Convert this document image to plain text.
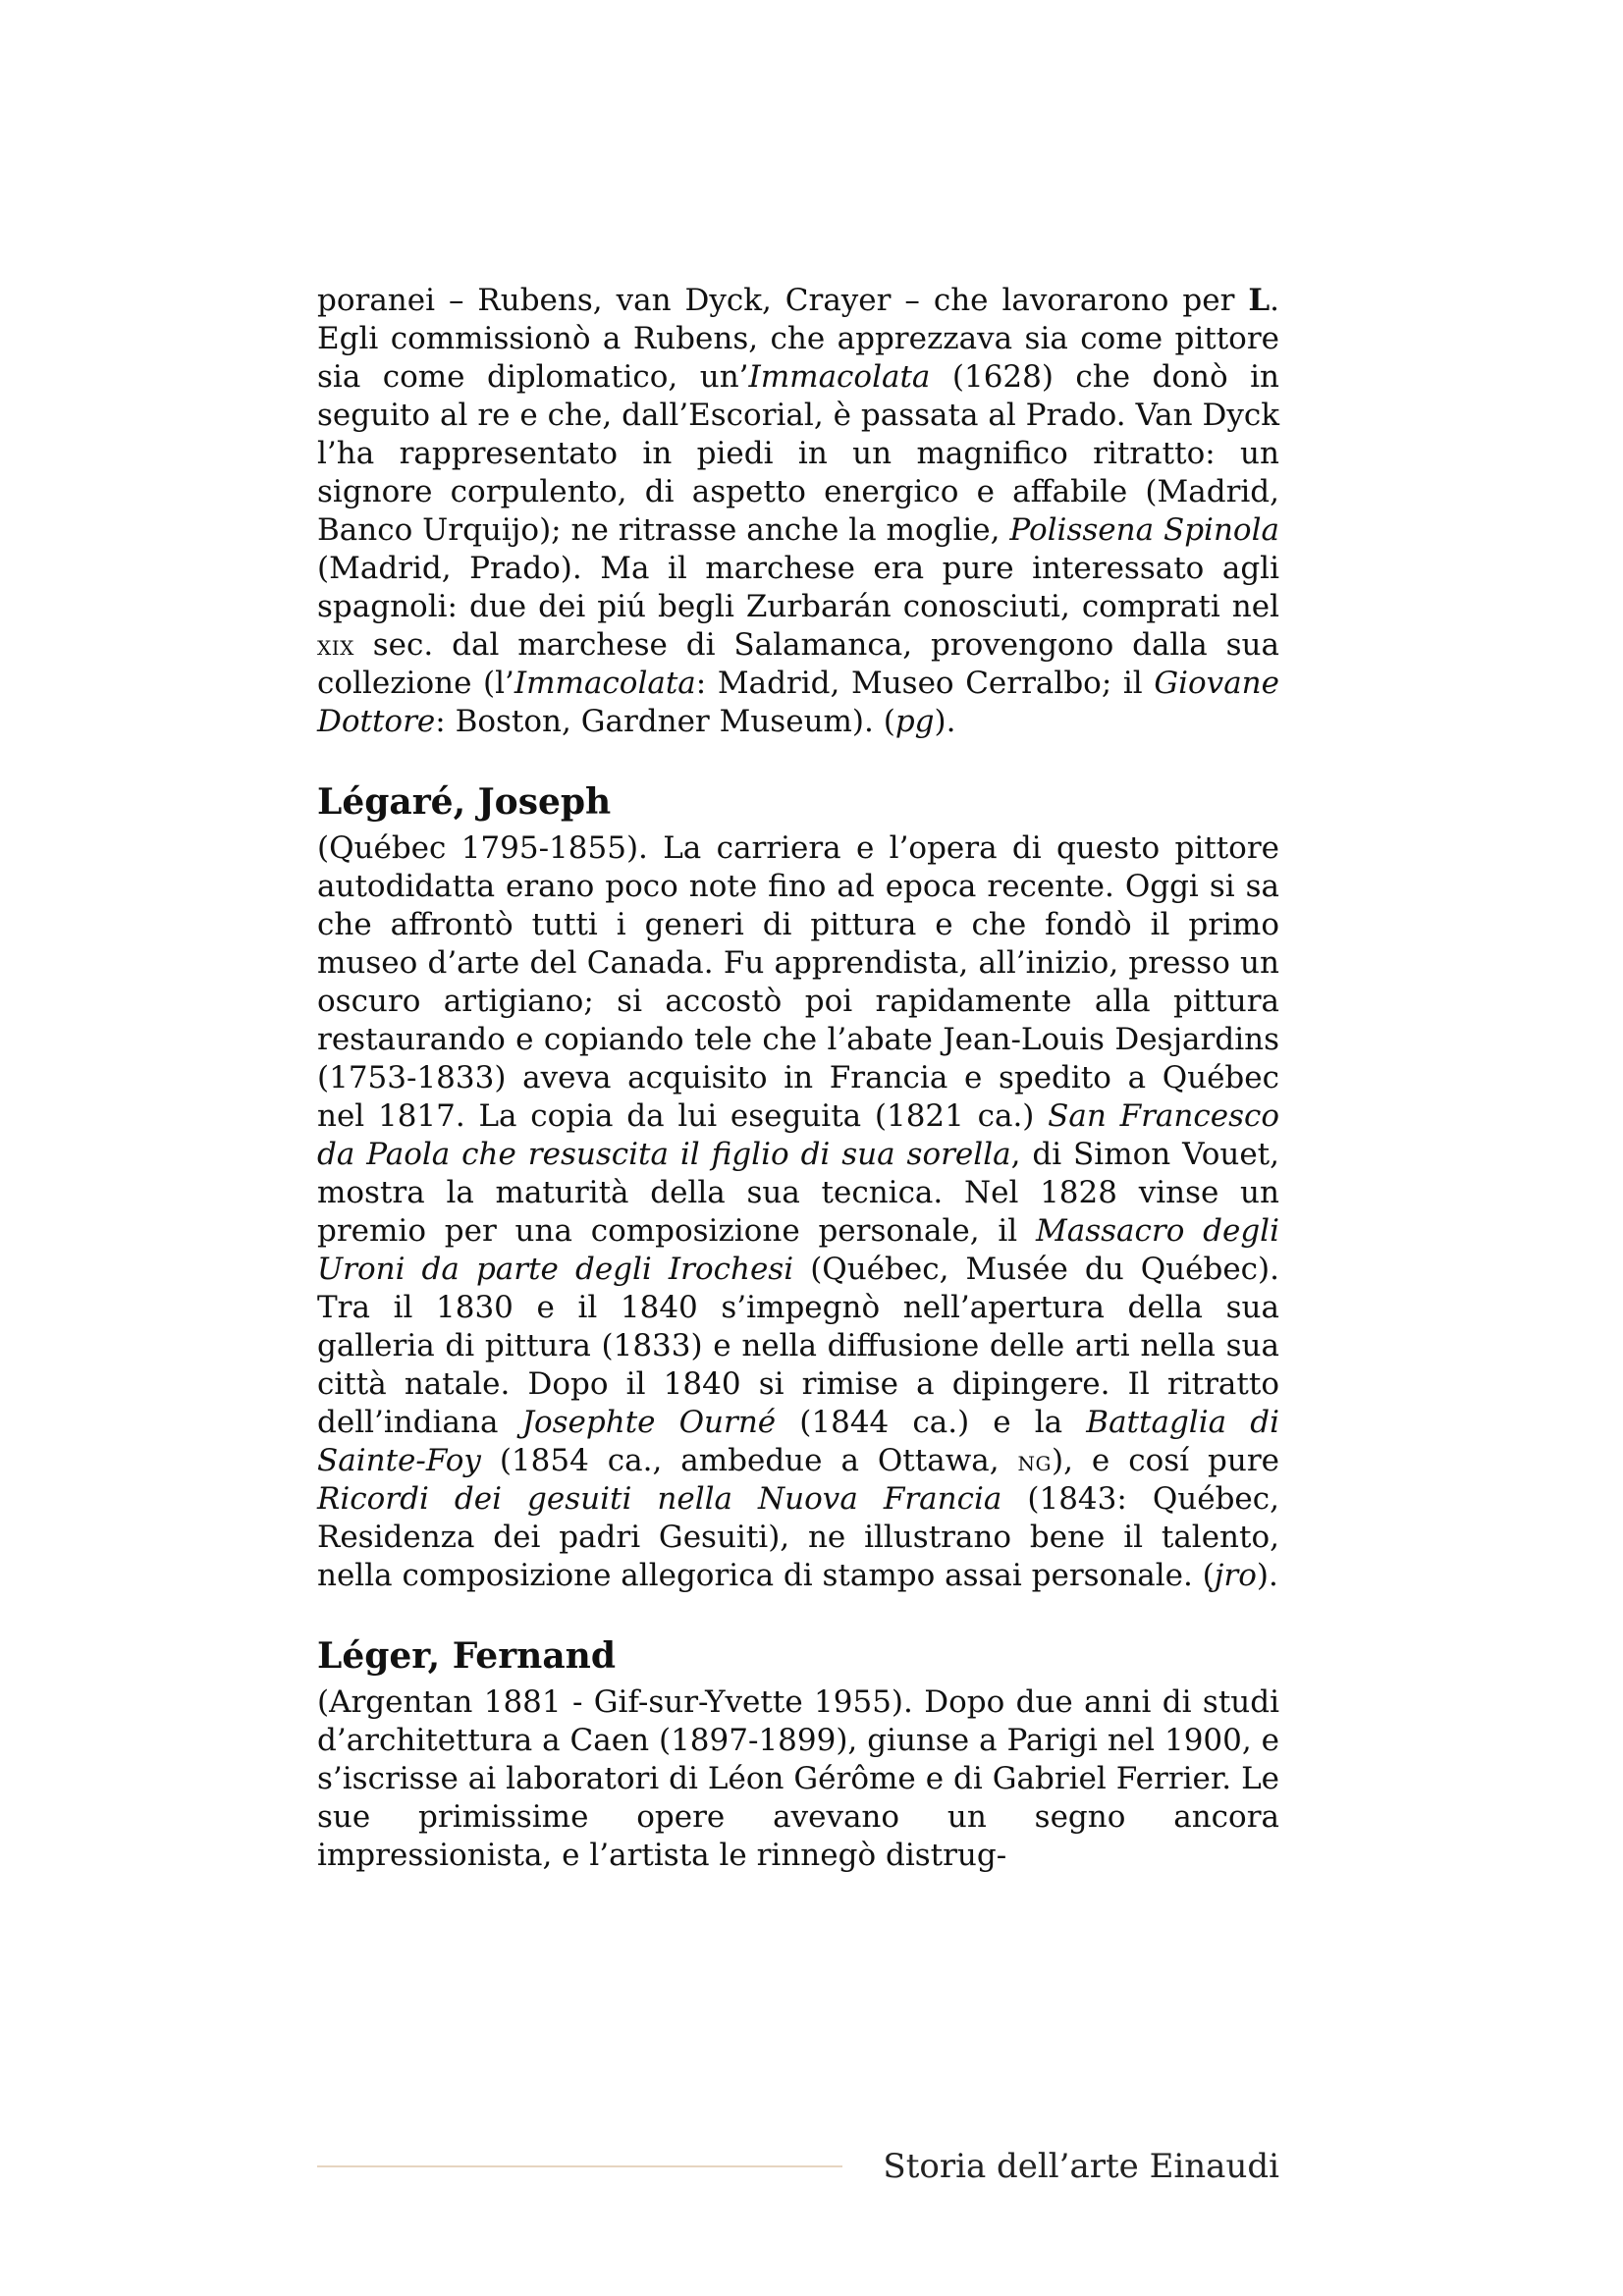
poranei – Rubens, van Dyck, Crayer – che lavorarono per L. Egli commissionò a Rubens, che apprezzava sia come pittore sia come diplomatico, un’Immacolata (1628) che donò in seguito al re e che, dall’Escorial, è passata al Prado. Van Dyck l’ha rappresentato in piedi in un magnifico ritratto: un signore corpulento, di aspetto energico e affabile (Madrid, Banco Urquijo); ne ritrasse anche la moglie, Polissena Spinola (Madrid, Prado). Ma il marchese era pure interessato agli spagnoli: due dei piú begli Zurbarán conosciuti, comprati nel xix sec. dal marchese di Salamanca, provengono dalla sua collezione (l’Immacolata: Madrid, Museo Cerralbo; il Giovane Dottore: Boston, Gardner Museum). (pg).

Légaré, Joseph

(Québec 1795-1855). La carriera e l’opera di questo pittore autodidatta erano poco note fino ad epoca recente. Oggi si sa che affrontò tutti i generi di pittura e che fondò il primo museo d’arte del Canada. Fu apprendista, all’inizio, presso un oscuro artigiano; si accostò poi rapidamente alla pittura restaurando e copiando tele che l’abate Jean-Louis Desjardins (1753-1833) aveva acquisito in Francia e spedito a Québec nel 1817. La copia da lui eseguita (1821 ca.) San Francesco da Paola che resuscita il figlio di sua sorella, di Simon Vouet, mostra la maturità della sua tecnica. Nel 1828 vinse un premio per una composizione personale, il Massacro degli Uroni da parte degli Irochesi (Québec, Musée du Québec). Tra il 1830 e il 1840 s’impegnò nell’apertura della sua galleria di pittura (1833) e nella diffusione delle arti nella sua città natale. Dopo il 1840 si rimise a dipingere. Il ritratto dell’indiana Josephte Ourné (1844 ca.) e la Battaglia di Sainte-Foy (1854 ca., ambedue a Ottawa, ng), e cosí pure Ricordi dei gesuiti nella Nuova Francia (1843: Québec, Residenza dei padri Gesuiti), ne illustrano bene il talento, nella composizione allegorica di stampo assai personale. (jro).

Léger, Fernand

(Argentan 1881 - Gif-sur-Yvette 1955). Dopo due anni di studi d’architettura a Caen (1897-1899), giunse a Parigi nel 1900, e s’iscrisse ai laboratori di Léon Gérôme e di Gabriel Ferrier. Le sue primissime opere avevano un segno ancora impressionista, e l’artista le rinnegò distrug-

Storia dell’arte Einaudi
